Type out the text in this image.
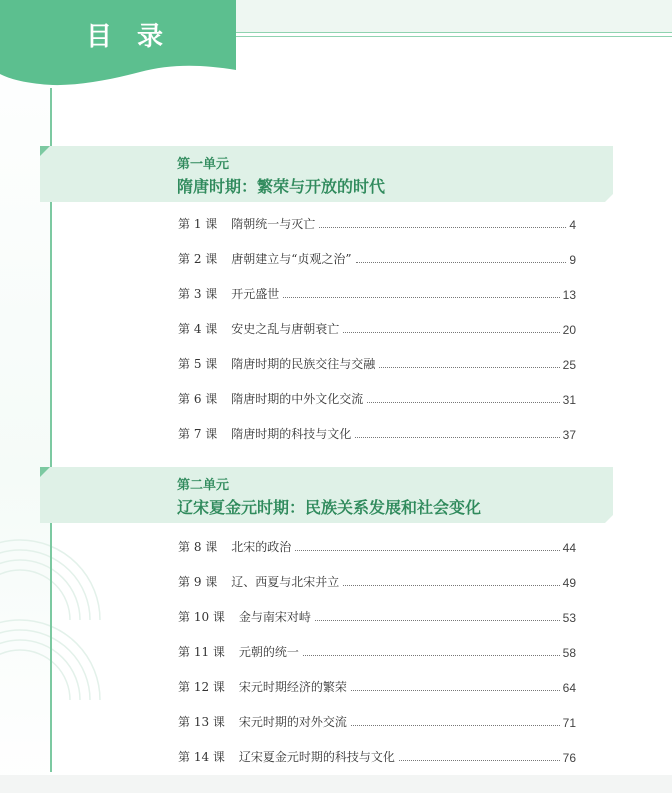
目 录
第一单元
隋唐时期：繁荣与开放的时代
第 1 课 隋朝统一与灭亡	4
第 2 课 唐朝建立与“贞观之治”	9
第 3 课 开元盛世	13
第 4 课 安史之乱与唐朝衰亡	20
第 5 课 隋唐时期的民族交往与交融	25
第 6 课 隋唐时期的中外文化交流	31
第 7 课 隋唐时期的科技与文化	37
第二单元
辽宋夏金元时期：民族关系发展和社会变化
第 8 课 北宋的政治	44
第 9 课 辽、西夏与北宋并立	49
第 10 课 金与南宋对峙	53
第 11 课 元朝的统一	58
第 12 课 宋元时期经济的繁荣	64
第 13 课 宋元时期的对外交流	71
第 14 课 辽宋夏金元时期的科技与文化	76
